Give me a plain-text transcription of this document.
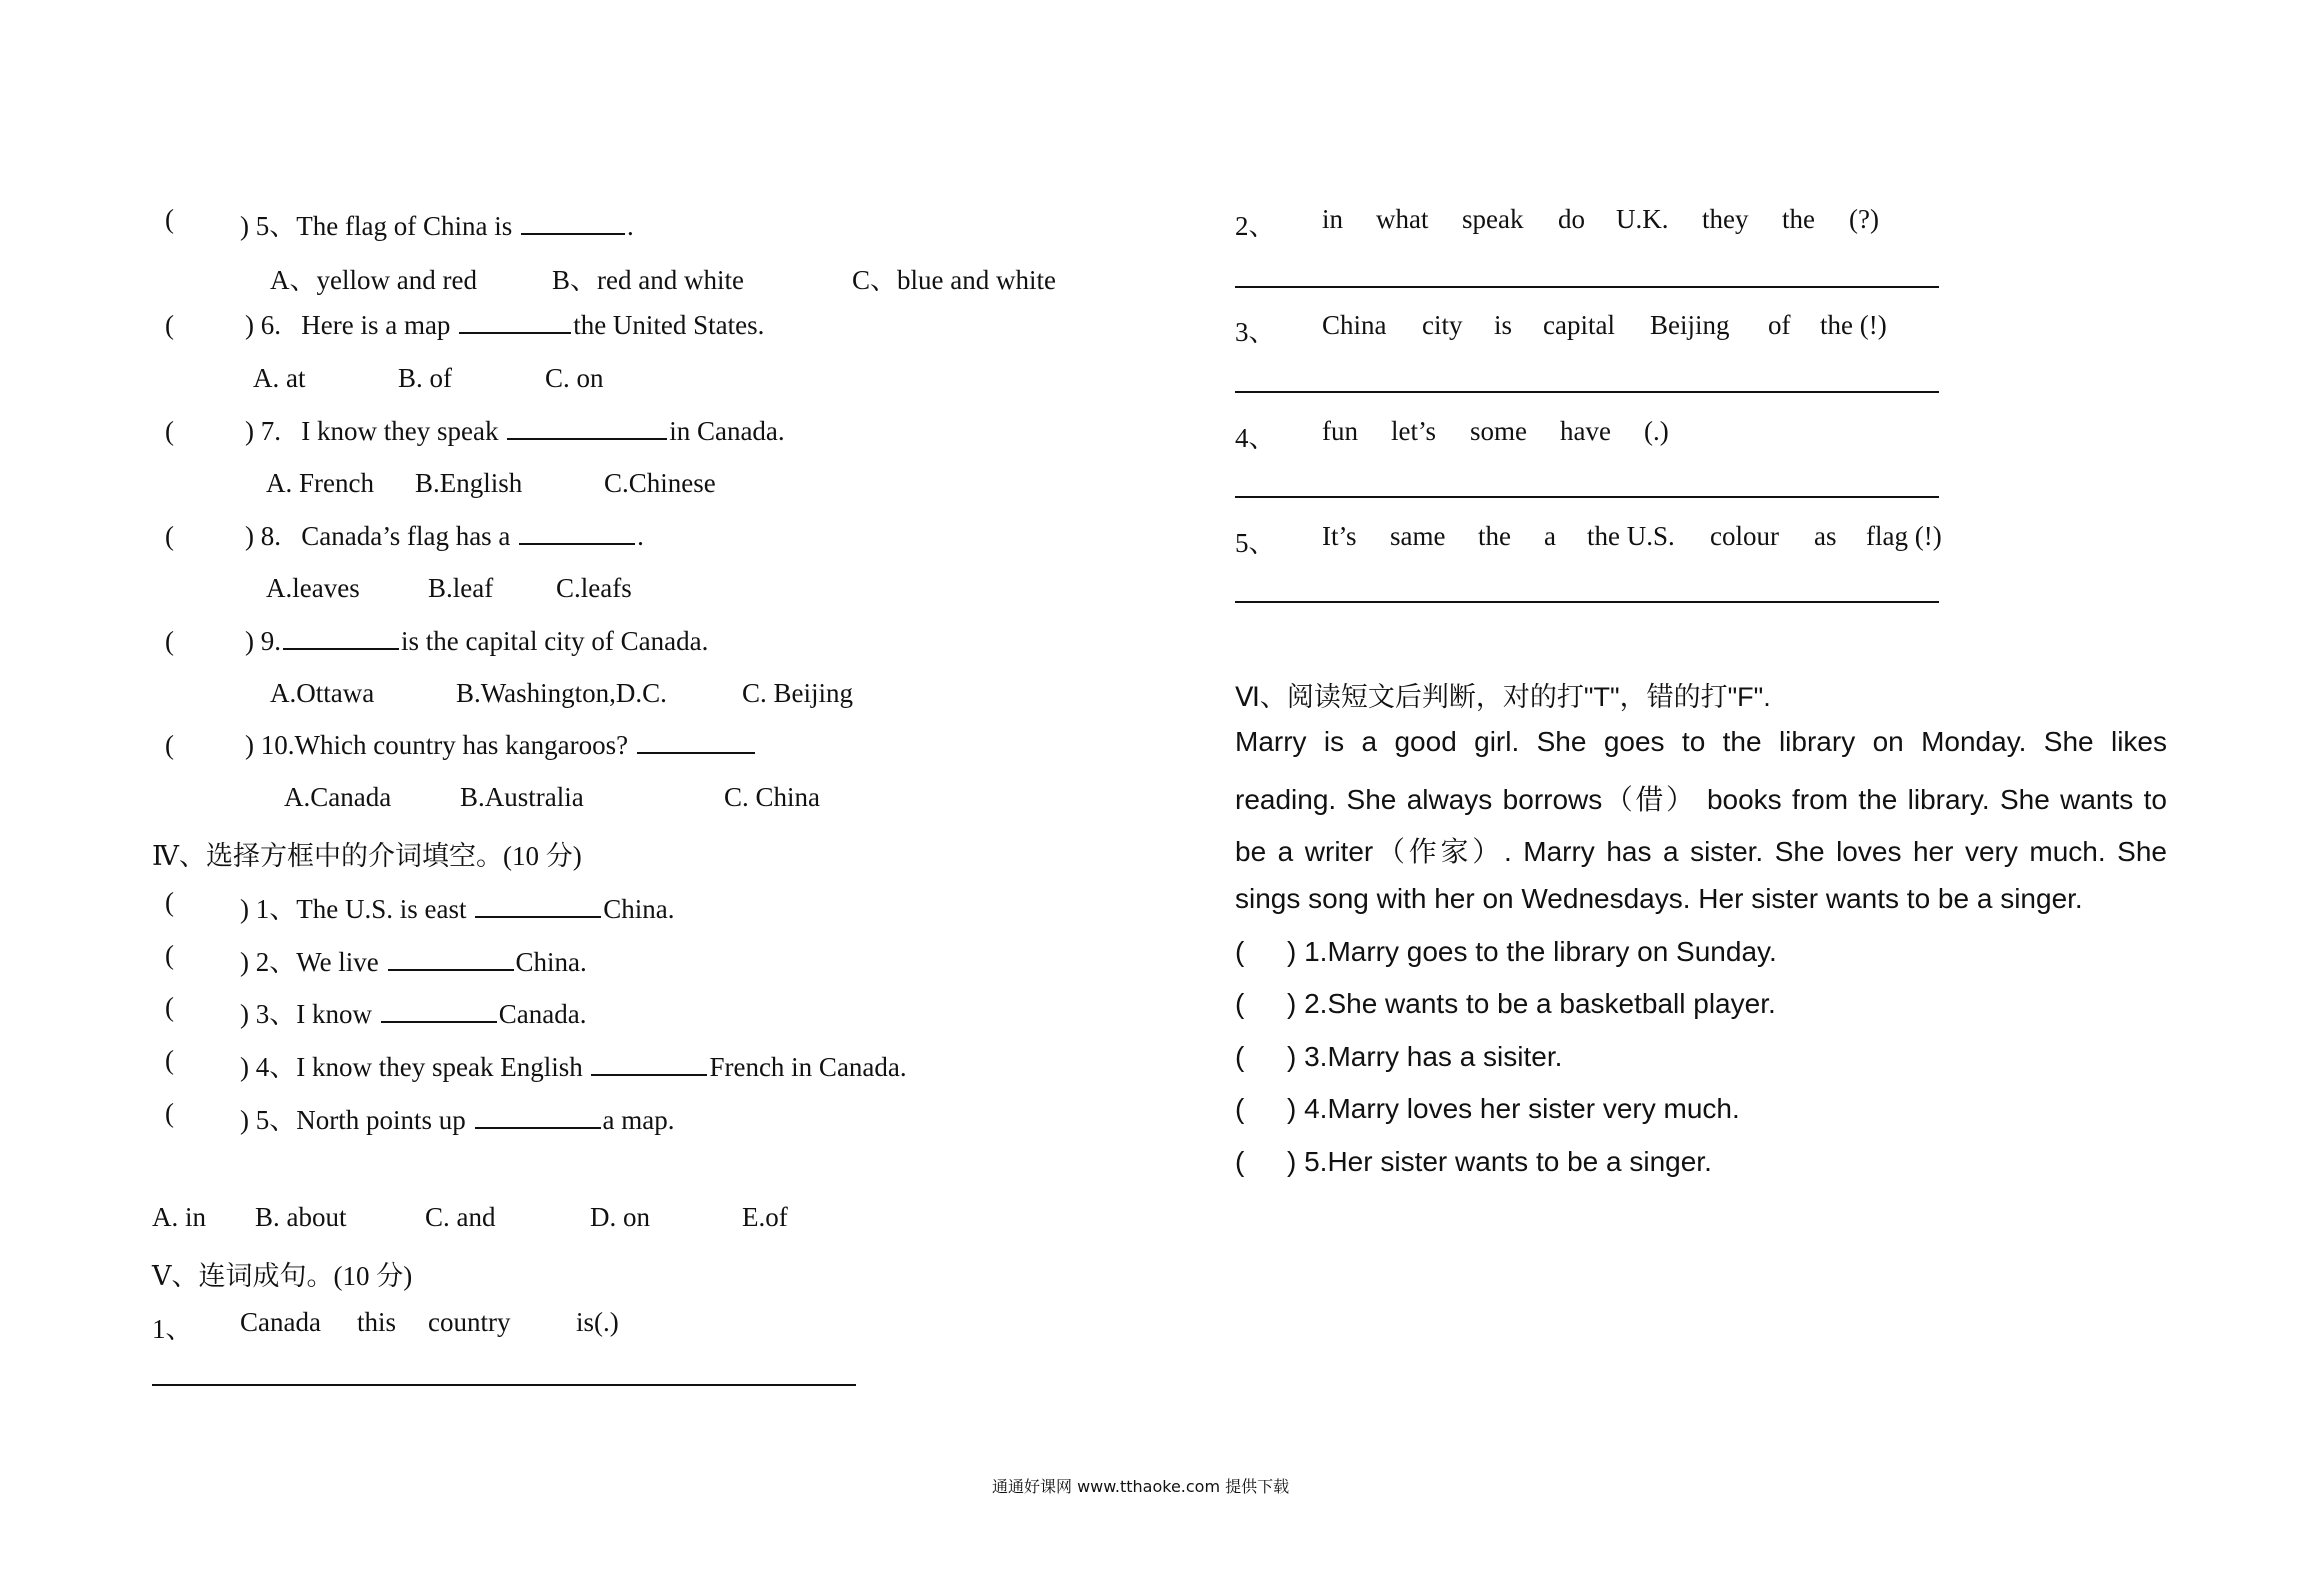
( ) 5、The flag of China is	.
A、yellow and red	B、red and white	C、blue and white
(	) 6. Here is a map	the United States.
A. at	B. of	C. on
(	) 7. I know they speak	in Canada.
A. French B.English	C.Chinese
(	) 8. Canada’s flag has a	.
A.leaves	B.leaf C.leafs
(	) 9.	is the capital city of Canada.
A.Ottawa	B.Washington,D.C.	C. Beijing
(	) 10.Which country has kangaroos?
A.Canada	B.Australia	C. China
Ⅳ、选择方框中的介词填空。(10 分)
( ) 1、The U.S. is east	China.
( ) 2、We live	China.
( ) 3、I know	Canada.
( ) 4、I know they speak English	French in Canada.
( ) 5、North points up	a map.
A. in B. about	C. and	D. on	E.of
Ⅴ、连词成句。(10 分)
1、 Canada this country is(.)
2、 in what speak do U.K. they the (?)
3、 China city is capital Beijing of the (!)
4、 fun let’s some have (.)
5、 It’s same the a the U.S. colour as flag (!)
Ⅵ、阅读短文后判断，对的打"T"，错的打"F".
Marry is a good girl. She goes to the library on Monday. She likes
reading. She always borrows（借） books from the library. She wants to
be a writer（作家）. Marry has a sister. She loves her very much. She
sings song with her on Wednesdays. Her sister wants to be a singer.
( ) 1.Marry goes to the library on Sunday.
( ) 2.She wants to be a basketball player.
( ) 3.Marry has a sisiter.
( ) 4.Marry loves her sister very much.
( ) 5.Her sister wants to be a singer.
通通好课网 www.tthaoke.com 提供下载
